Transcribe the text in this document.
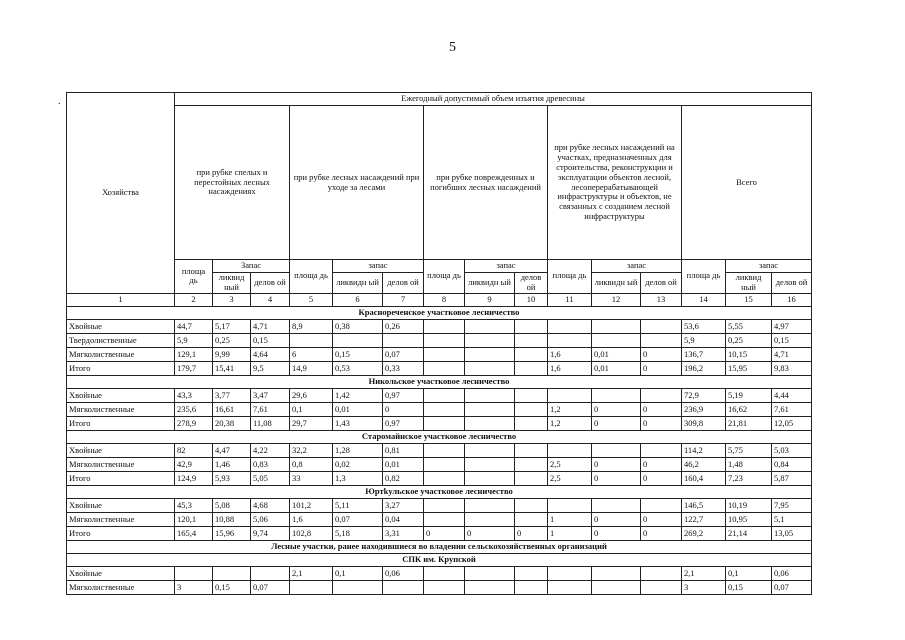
5
.
Хозяйства	Ежегодный допустимый объем изъятия древесины														
	при рубке спелых и перестойных лесных насаждениях			при рубке лесных насаждений при уходе за лесами			при рубке поврежденных и погибших лесных насаждений			при рубке лесных насаждений на участках, предназначенных для строительства, реконструкции и эксплуатации объектов лесной, лесоперерабатывающей инфраструктуры и объектов, не связанных с созданием лесной инфраструктуры			Всего		
	площа дь	Запас		площа дь	запас		площа дь	запас		площа дь	запас		площа дь	запас	
		ликвид ный	делов ой		ликвидн ый	делов ой		ликвидн ый	делов ой		ликвидн ый	делов ой		ликвид ный	делов ой
1	2	3	4	5	6	7	8	9	10	11	12	13	14	15	16
Краснореченское участковое лесничество															
Хвойные	44,7	5,17	4,71	8,9	0,38	0,26							53,6	5,55	4,97
Твердолиственные	5,9	0,25	0,15										5,9	0,25	0,15
Мягколиственные	129,1	9,99	4,64	6	0,15	0,07				1,6	0,01	0	136,7	10,15	4,71
Итого	179,7	15,41	9,5	14,9	0,53	0,33				1,6	0,01	0	196,2	15,95	9,83
Никольское участковое лесничество															
Хвойные	43,3	3,77	3,47	29,6	1,42	0,97							72,9	5,19	4,44
Мягколиственные	235,6	16,61	7,61	0,1	0,01	0				1,2	0	0	236,9	16,62	7,61
Итого	278,9	20,38	11,08	29,7	1,43	0,97				1,2	0	0	309,8	21,81	12,05
Старомайнское участковое лесничество															
Хвойные	82	4,47	4,22	32,2	1,28	0,81							114,2	5,75	5,03
Мягколиственные	42,9	1,46	0,83	0,8	0,02	0,01				2,5	0	0	46,2	1,48	0,84
Итого	124,9	5,93	5,05	33	1,3	0,82				2,5	0	0	160,4	7,23	5,87
Юртkульское участковое лесничество															
Хвойные	45,3	5,08	4,68	101,2	5,11	3,27							146,5	10,19	7,95
Мягколиственные	120,1	10,88	5,06	1,6	0,07	0,04				1	0	0	122,7	10,95	5,1
Итого	165,4	15,96	9,74	102,8	5,18	3,31	0	0	0	1	0	0	269,2	21,14	13,05
Лесные участки, ранее находившиеся во владении сельскохозяйственных организаций															
СПК им. Крупской															
Хвойные				2,1	0,1	0,06							2,1	0,1	0,06
Мягколиственные	3	0,15	0,07										3	0,15	0,07
